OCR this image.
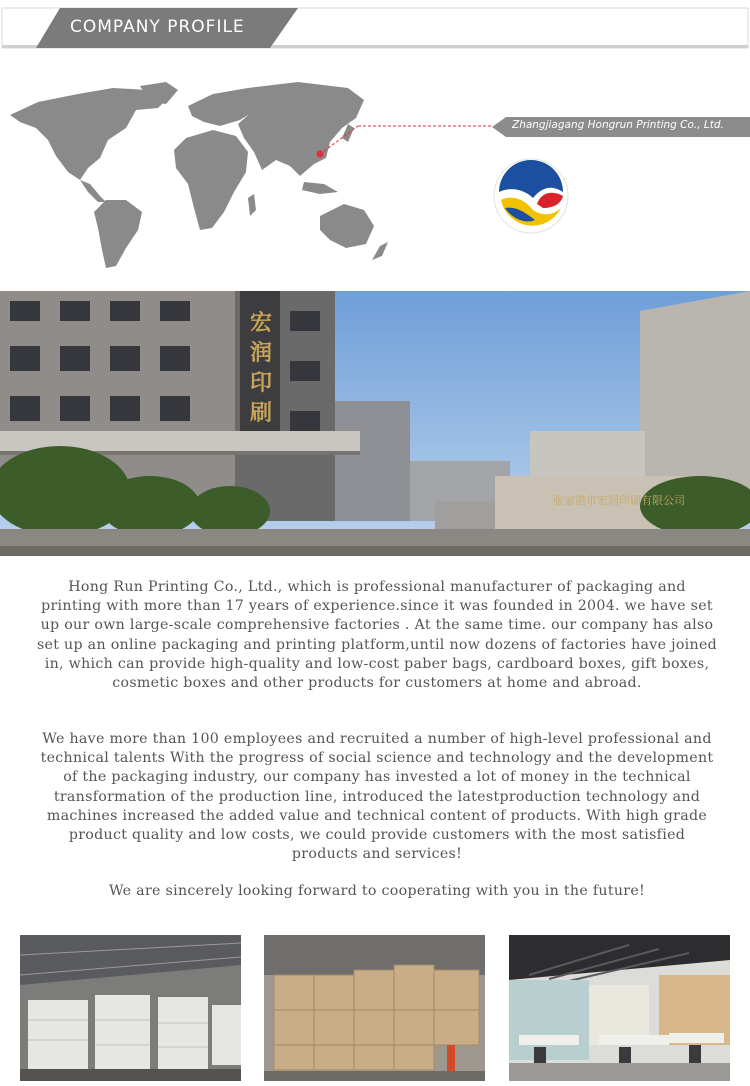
COMPANY PROFILE
Zhangjiagang Hongrun Printing Co., Ltd.
宏润印刷
张家港市宏润印刷有限公司
Hong Run Printing Co., Ltd., which is professional manufacturer of packaging and printing with more than 17 years of experience.since it was founded in 2004. we have set up our own large-scale comprehensive factories . At the same time. our company has also set up an online packaging and printing platform,until now dozens of factories have joined in, which can provide high-quality and low-cost paber bags, cardboard boxes, gift boxes, cosmetic boxes and other products for customers at home and abroad.
We have more than 100 employees and recruited a number of high-level professional and technical talents With the progress of social science and technology and the development of the packaging industry, our company has invested a lot of money in the technical transformation of the production line, introduced the latestproduction technology and machines increased the added value and technical content of products. With high grade product quality and low costs, we could provide customers with the most satisfied products and services!
We are sincerely looking forward to cooperating with you in the future!
